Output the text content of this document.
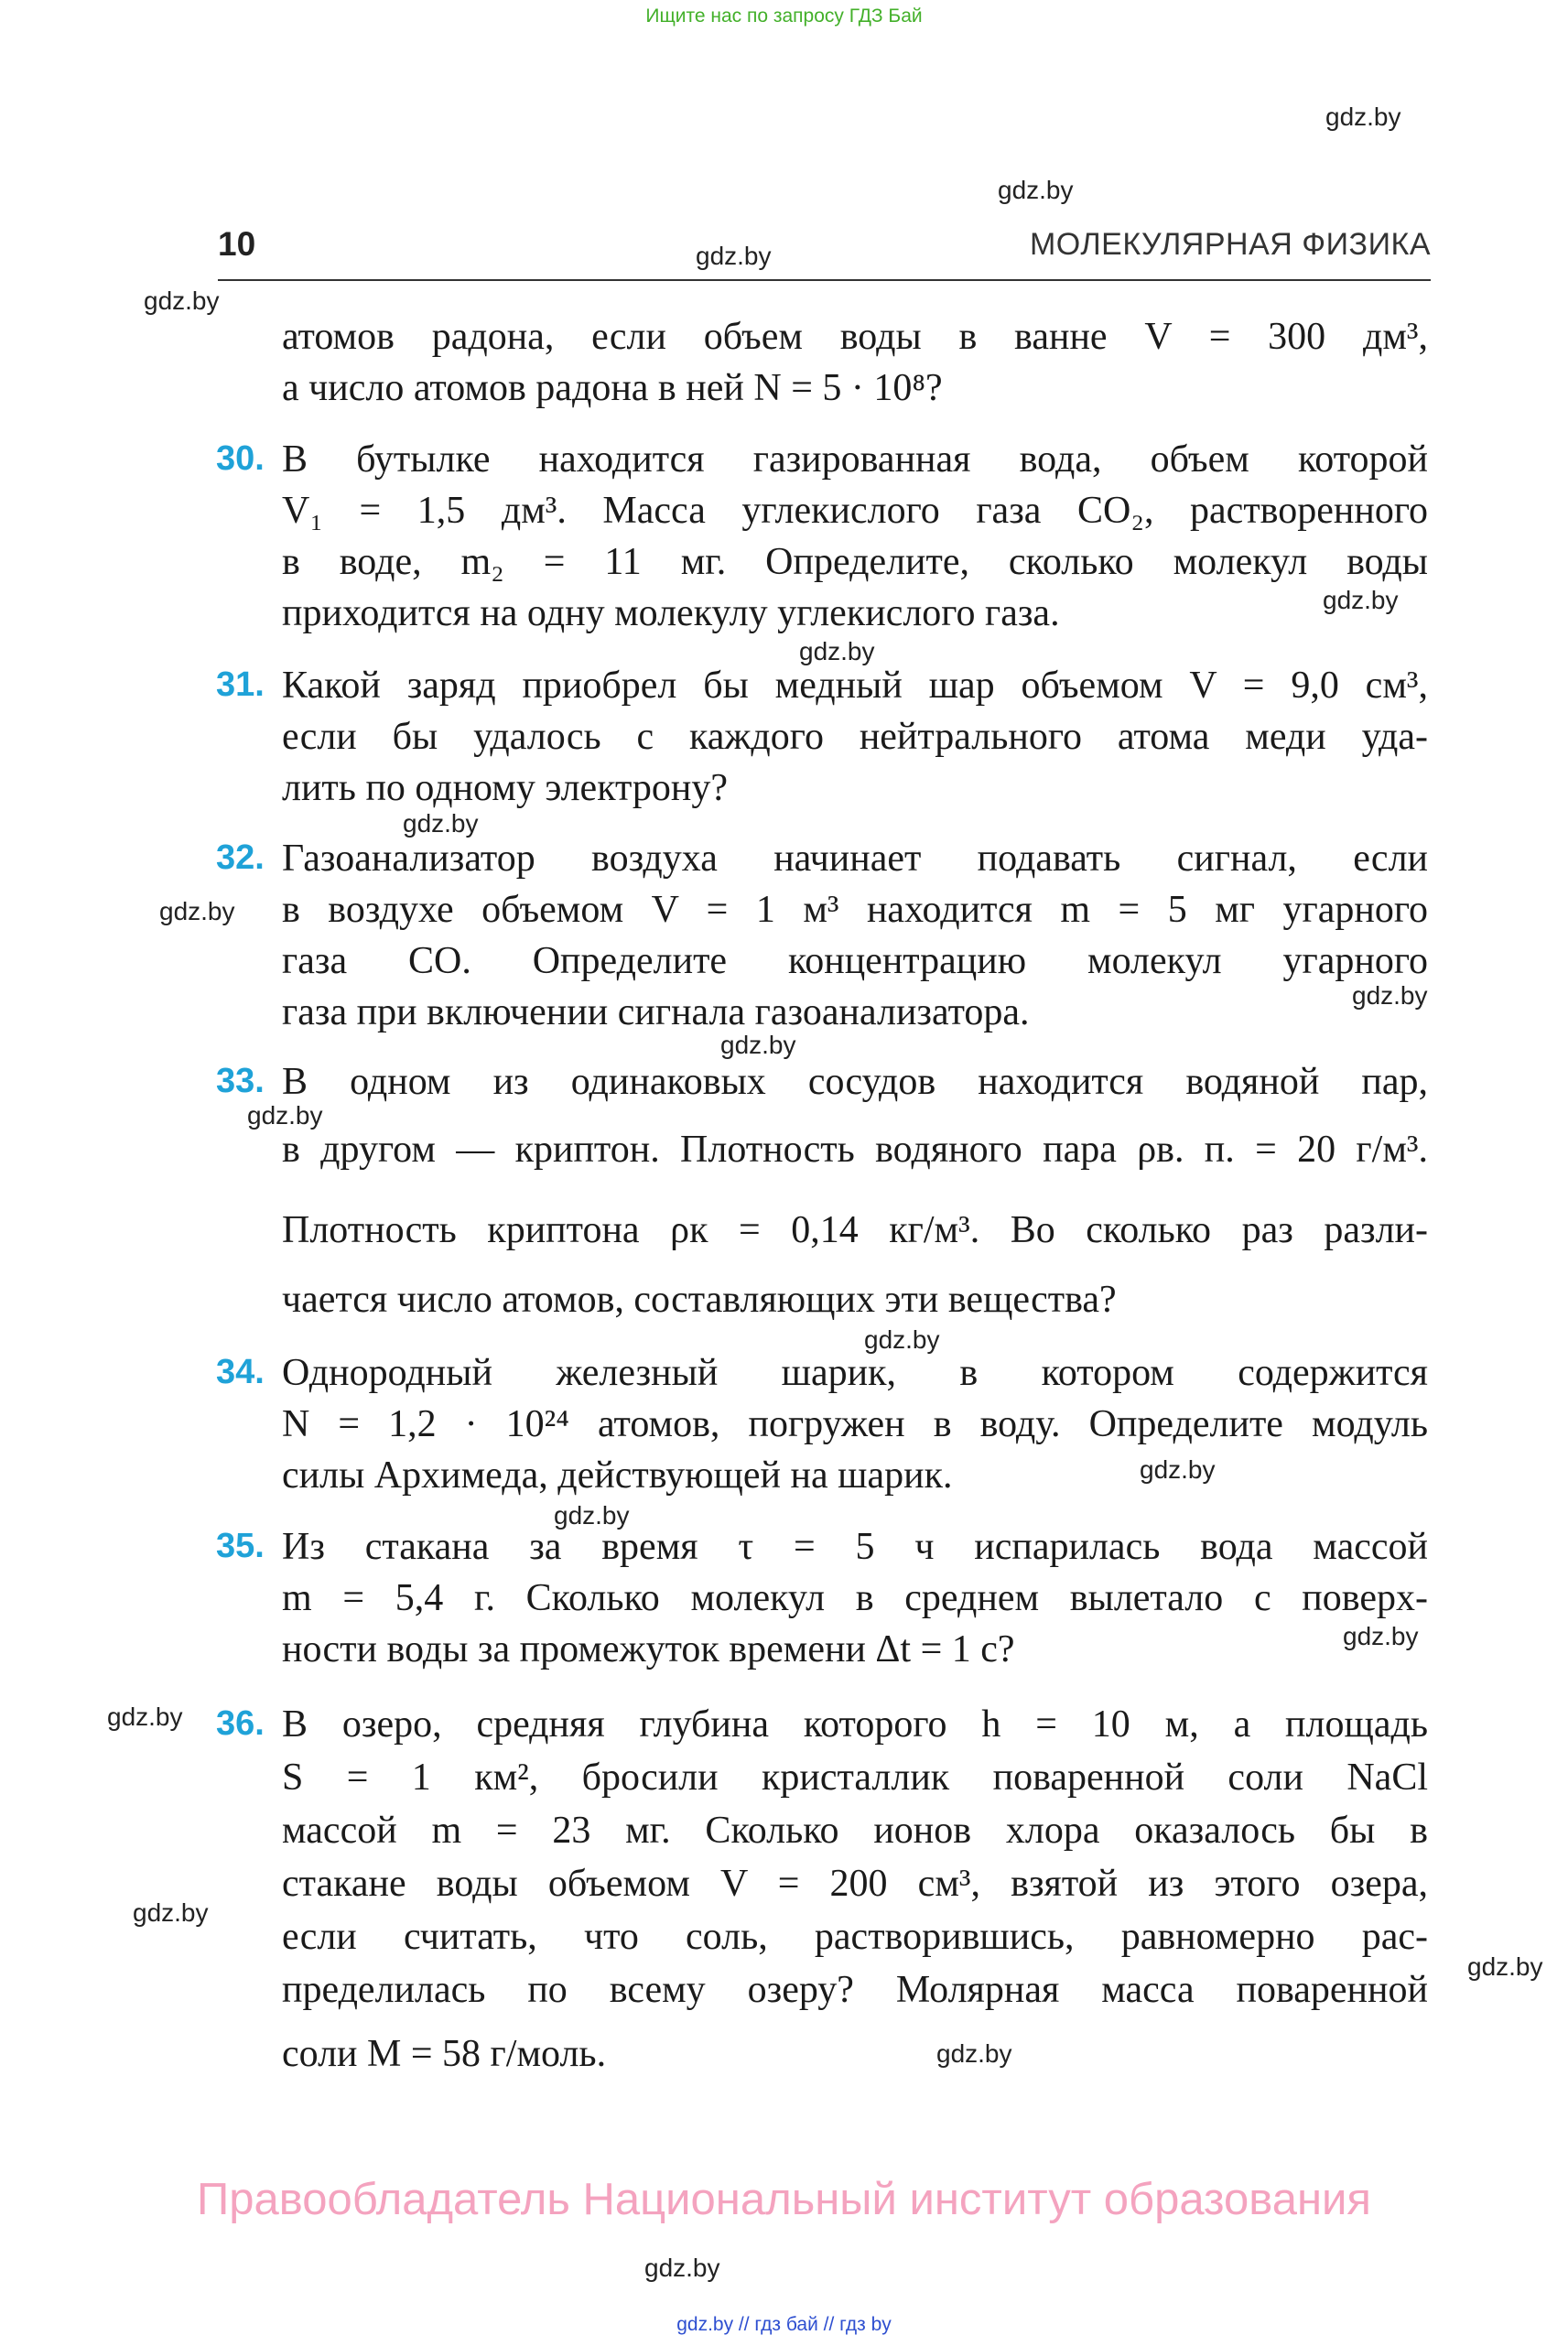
Ищите нас по запросу ГДЗ Бай
gdz.by
gdz.by
gdz.by
gdz.by
gdz.by
gdz.by
gdz.by
gdz.by
gdz.by
gdz.by
gdz.by
gdz.by
gdz.by
gdz.by
gdz.by
gdz.by
gdz.by
gdz.by
gdz.by
gdz.by
10	МОЛЕКУЛЯРНАЯ ФИЗИКА
атомов радона, если объем воды в ванне V = 300 дм³,
а число атомов радона в ней N = 5 · 10⁸?
30. В бутылке находится газированная вода, объем которой
V₁ = 1,5 дм³. Масса углекислого газа CO₂, растворенного
в воде, m₂ = 11 мг. Определите, сколько молекул воды
приходится на одну молекулу углекислого газа.
31. Какой заряд приобрел бы медный шар объемом V = 9,0 см³,
если бы удалось с каждого нейтрального атома меди уда-
лить по одному электрону?
32. Газоанализатор воздуха начинает подавать сигнал, если
в воздухе объемом V = 1 м³ находится m = 5 мг угарного
газа CO. Определите концентрацию молекул угарного
газа при включении сигнала газоанализатора.
33. В одном из одинаковых сосудов находится водяной пар,
в другом — криптон. Плотность водяного пара ρв. п. = 20 г/м³.
Плотность криптона ρк = 0,14 кг/м³. Во сколько раз разли-
чается число атомов, составляющих эти вещества?
34. Однородный железный шарик, в котором содержится
N = 1,2 · 10²⁴ атомов, погружен в воду. Определите модуль
силы Архимеда, действующей на шарик.
35. Из стакана за время τ = 5 ч испарилась вода массой
m = 5,4 г. Сколько молекул в среднем вылетало с поверх-
ности воды за промежуток времени Δt = 1 с?
36. В озеро, средняя глубина которого h = 10 м, а площадь
S = 1 км², бросили кристаллик поваренной соли NaCl
массой m = 23 мг. Сколько ионов хлора оказалось бы в
стакане воды объемом V = 200 см³, взятой из этого озера,
если считать, что соль, растворившись, равномерно рас-
пределилась по всему озеру? Молярная масса поваренной
соли M = 58 г/моль.
Правообладатель Национальный институт образования
gdz.by // гдз бай // гдз by
